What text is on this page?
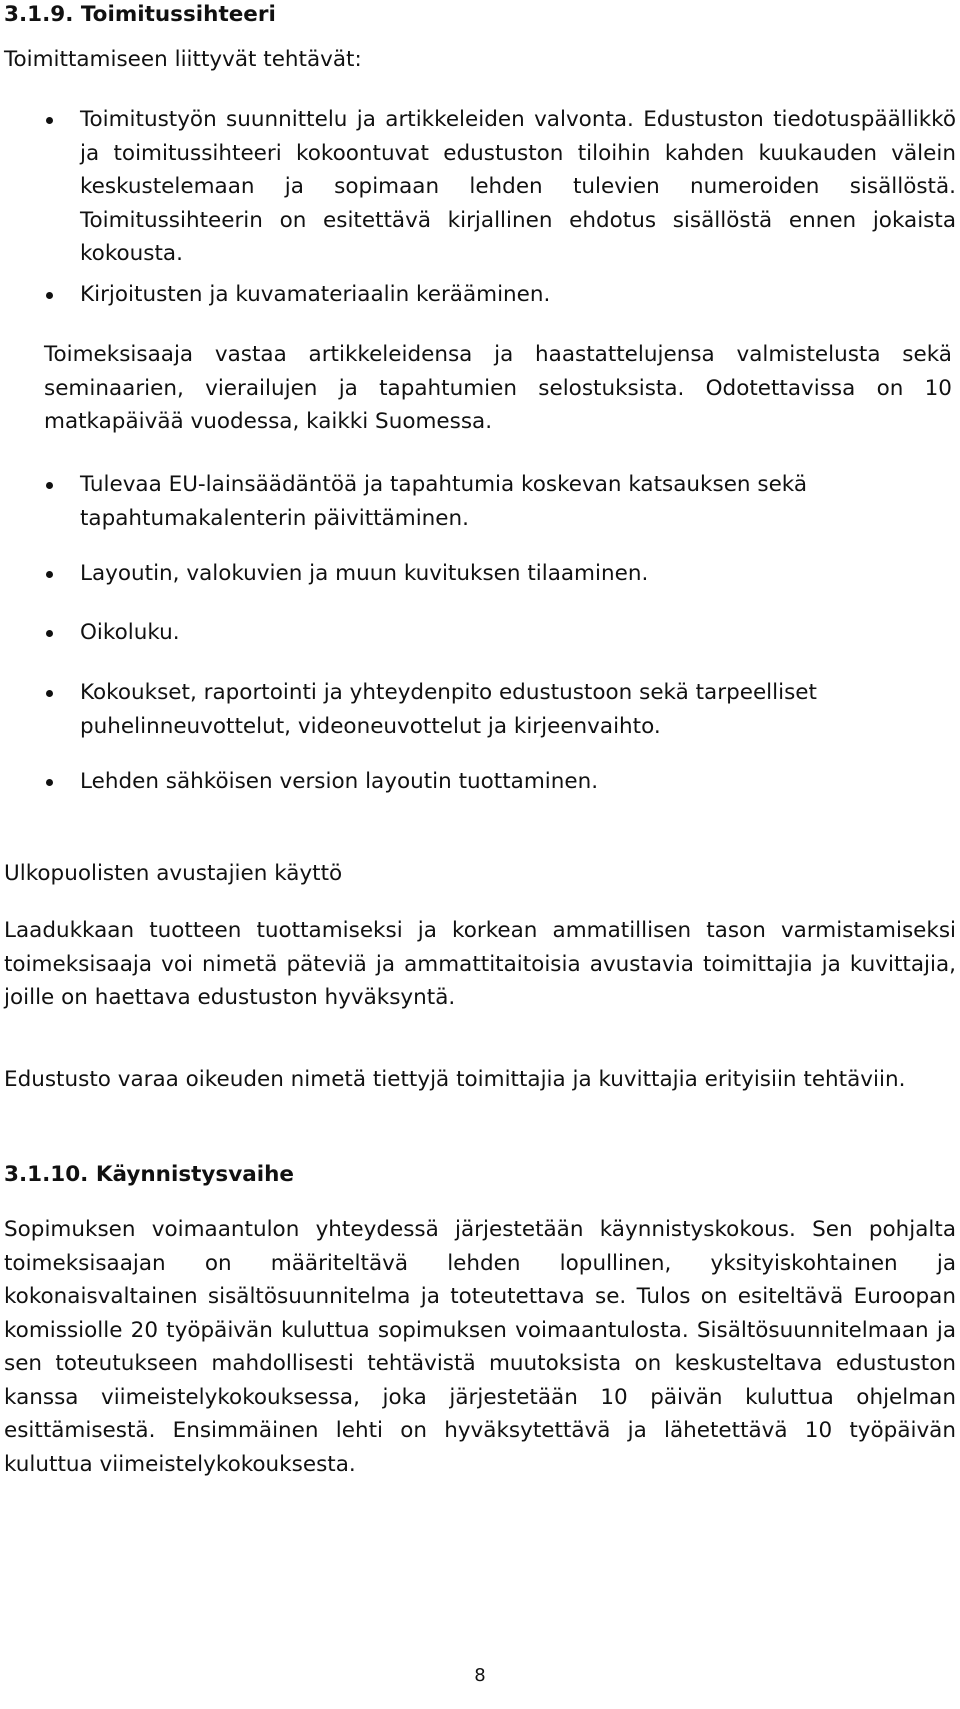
3.1.9. Toimitussihteeri

Toimittamiseen liittyvät tehtävät:

Toimitustyön suunnittelu ja artikkeleiden valvonta. Edustuston tiedotuspäällikkö ja toimitussihteeri kokoontuvat edustuston tiloihin kahden kuukauden välein keskustelemaan ja sopimaan lehden tulevien numeroiden sisällöstä. Toimitussihteerin on esitettävä kirjallinen ehdotus sisällöstä ennen jokaista kokousta.

Kirjoitusten ja kuvamateriaalin kerääminen.

Toimeksisaaja vastaa artikkeleidensa ja haastattelujensa valmistelusta sekä seminaarien, vierailujen ja tapahtumien selostuksista. Odotettavissa on 10 matkapäivää vuodessa, kaikki Suomessa.

Tulevaa EU-lainsäädäntöä ja tapahtumia koskevan katsauksen sekä tapahtumakalenterin päivittäminen.

Layoutin, valokuvien ja muun kuvituksen tilaaminen.

Oikoluku.

Kokoukset, raportointi ja yhteydenpito edustustoon sekä tarpeelliset puhelinneuvottelut, videoneuvottelut ja kirjeenvaihto.

Lehden sähköisen version layoutin tuottaminen.

Ulkopuolisten avustajien käyttö

Laadukkaan tuotteen tuottamiseksi ja korkean ammatillisen tason varmistamiseksi toimeksisaaja voi nimetä päteviä ja ammattitaitoisia avustavia toimittajia ja kuvittajia, joille on haettava edustuston hyväksyntä.

Edustusto varaa oikeuden nimetä tiettyjä toimittajia ja kuvittajia erityisiin tehtäviin.

3.1.10. Käynnistysvaihe

Sopimuksen voimaantulon yhteydessä järjestetään käynnistyskokous. Sen pohjalta toimeksisaajan on määriteltävä lehden lopullinen, yksityiskohtainen ja kokonaisvaltainen sisältösuunnitelma ja toteutettava se. Tulos on esiteltävä Euroopan komissiolle 20 työpäivän kuluttua sopimuksen voimaantulosta. Sisältösuunnitelmaan ja sen toteutukseen mahdollisesti tehtävistä muutoksista on keskusteltava edustuston kanssa viimeistelykokouksessa, joka järjestetään 10 päivän kuluttua ohjelman esittämisestä. Ensimmäinen lehti on hyväksytettävä ja lähetettävä 10 työpäivän kuluttua viimeistelykokouksesta.

8
